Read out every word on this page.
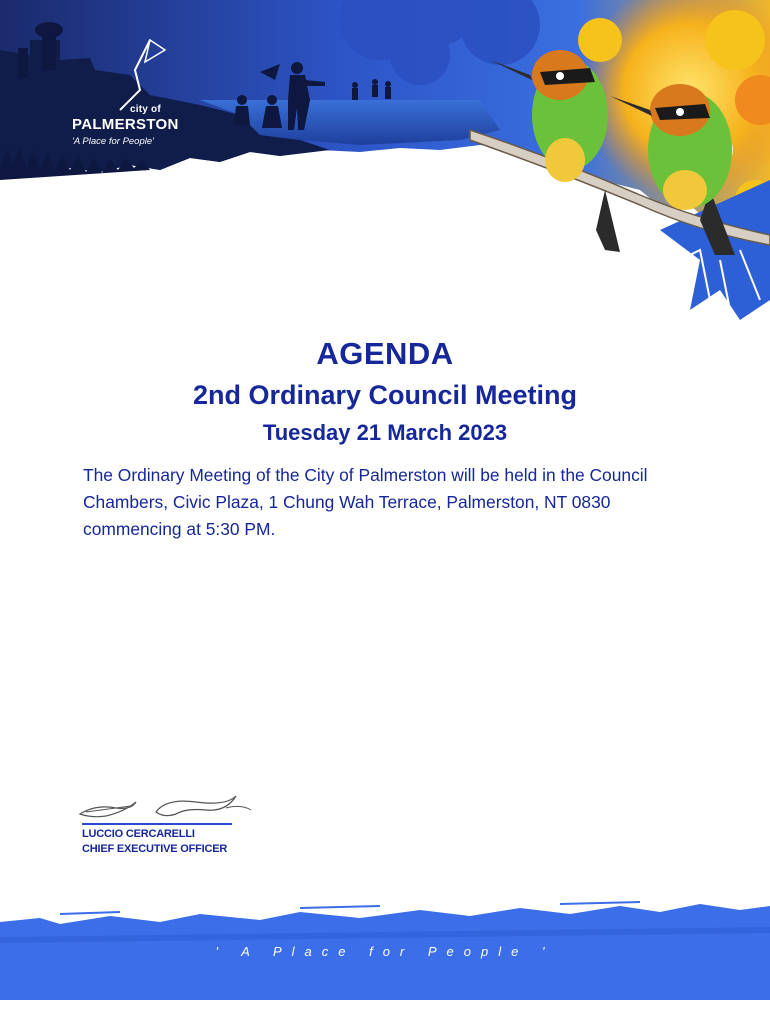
city of
PALMERSTON
'A Place for People'
AGENDA
2nd Ordinary Council Meeting
Tuesday 21 March 2023
The Ordinary Meeting of the City of Palmerston will be held in the Council Chambers, Civic Plaza, 1 Chung Wah Terrace, Palmerston, NT 0830 commencing at 5:30 PM.
LUCCIO CERCARELLI
CHIEF EXECUTIVE OFFICER
' A Place for People '
